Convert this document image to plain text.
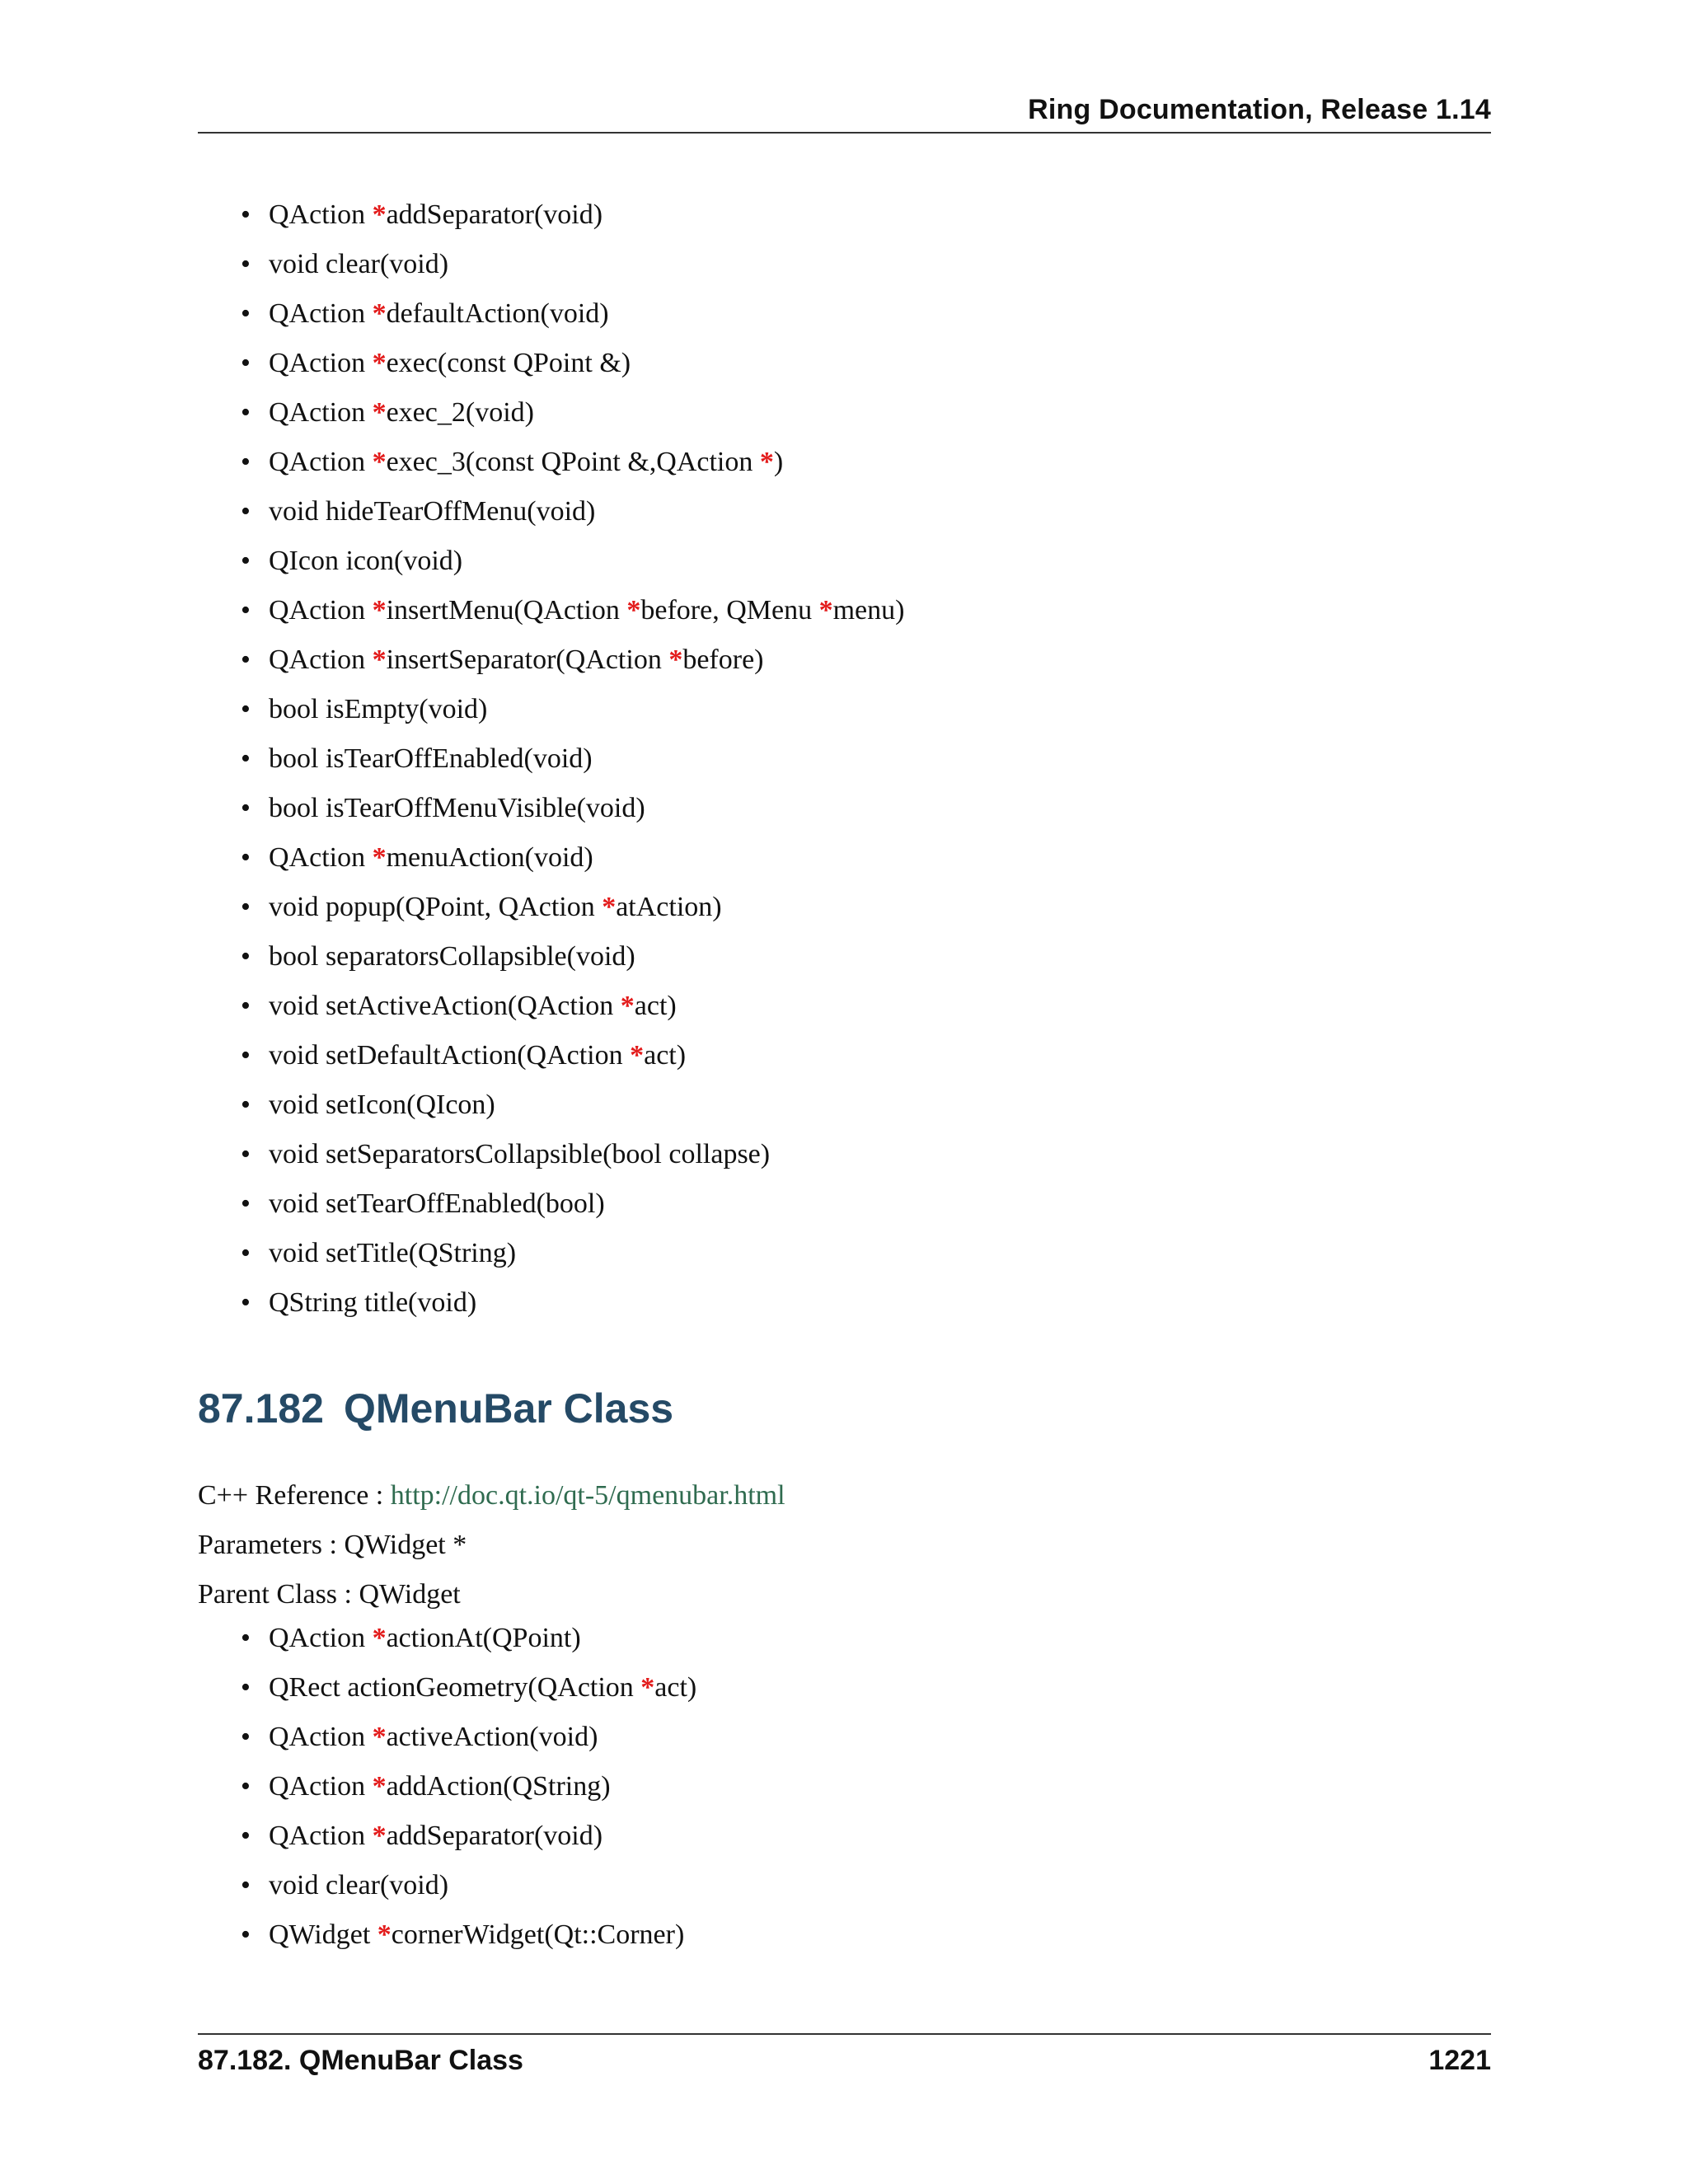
Ring Documentation, Release 1.14
• QAction *addSeparator(void)
• void clear(void)
• QAction *defaultAction(void)
• QAction *exec(const QPoint &)
• QAction *exec_2(void)
• QAction *exec_3(const QPoint &,QAction *)
• void hideTearOffMenu(void)
• QIcon icon(void)
• QAction *insertMenu(QAction *before, QMenu *menu)
• QAction *insertSeparator(QAction *before)
• bool isEmpty(void)
• bool isTearOffEnabled(void)
• bool isTearOffMenuVisible(void)
• QAction *menuAction(void)
• void popup(QPoint, QAction *atAction)
• bool separatorsCollapsible(void)
• void setActiveAction(QAction *act)
• void setDefaultAction(QAction *act)
• void setIcon(QIcon)
• void setSeparatorsCollapsible(bool collapse)
• void setTearOffEnabled(bool)
• void setTitle(QString)
• QString title(void)
87.182 QMenuBar Class
C++ Reference : http://doc.qt.io/qt-5/qmenubar.html
Parameters : QWidget *
Parent Class : QWidget
• QAction *actionAt(QPoint)
• QRect actionGeometry(QAction *act)
• QAction *activeAction(void)
• QAction *addAction(QString)
• QAction *addSeparator(void)
• void clear(void)
• QWidget *cornerWidget(Qt::Corner)
87.182. QMenuBar Class	1221
